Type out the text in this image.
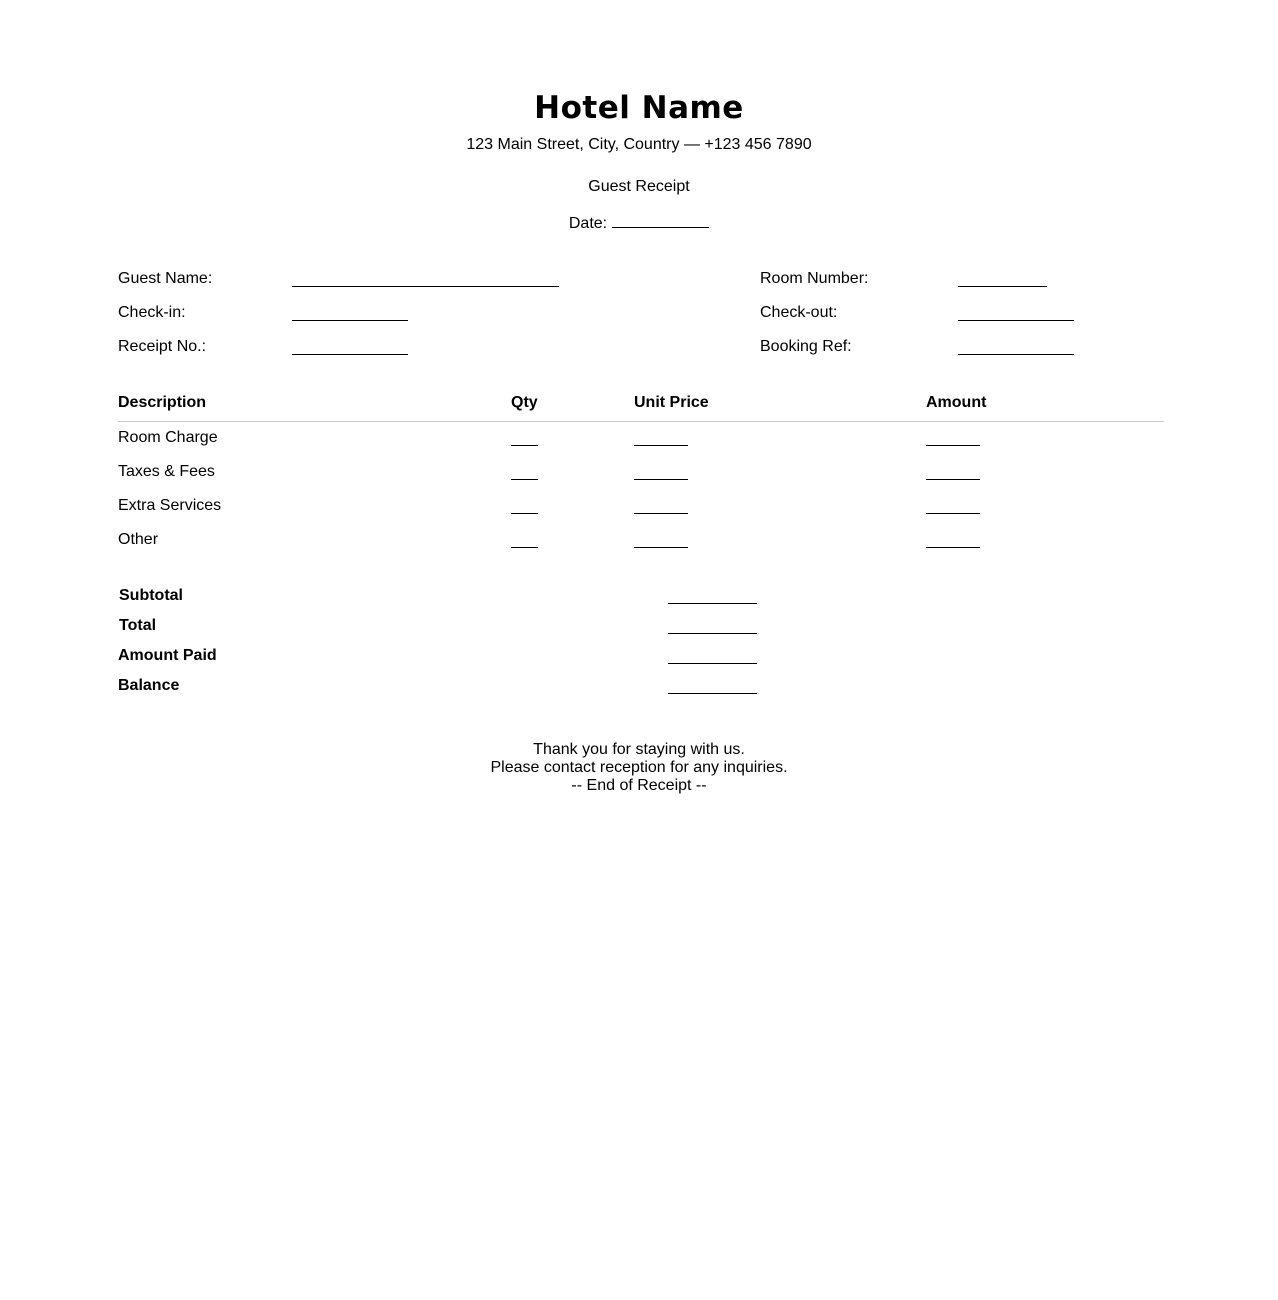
Hotel Name
123 Main Street, City, Country — +123 456 7890
Guest Receipt
Date:
Guest Name:
Check-in:
Receipt No.:
Room Number:
Check-out:
Booking Ref:
Description	Qty	Unit Price	Amount
Room Charge
Taxes & Fees
Extra Services
Other
Subtotal
Total
Amount Paid
Balance
Thank you for staying with us.
Please contact reception for any inquiries.
-- End of Receipt --
